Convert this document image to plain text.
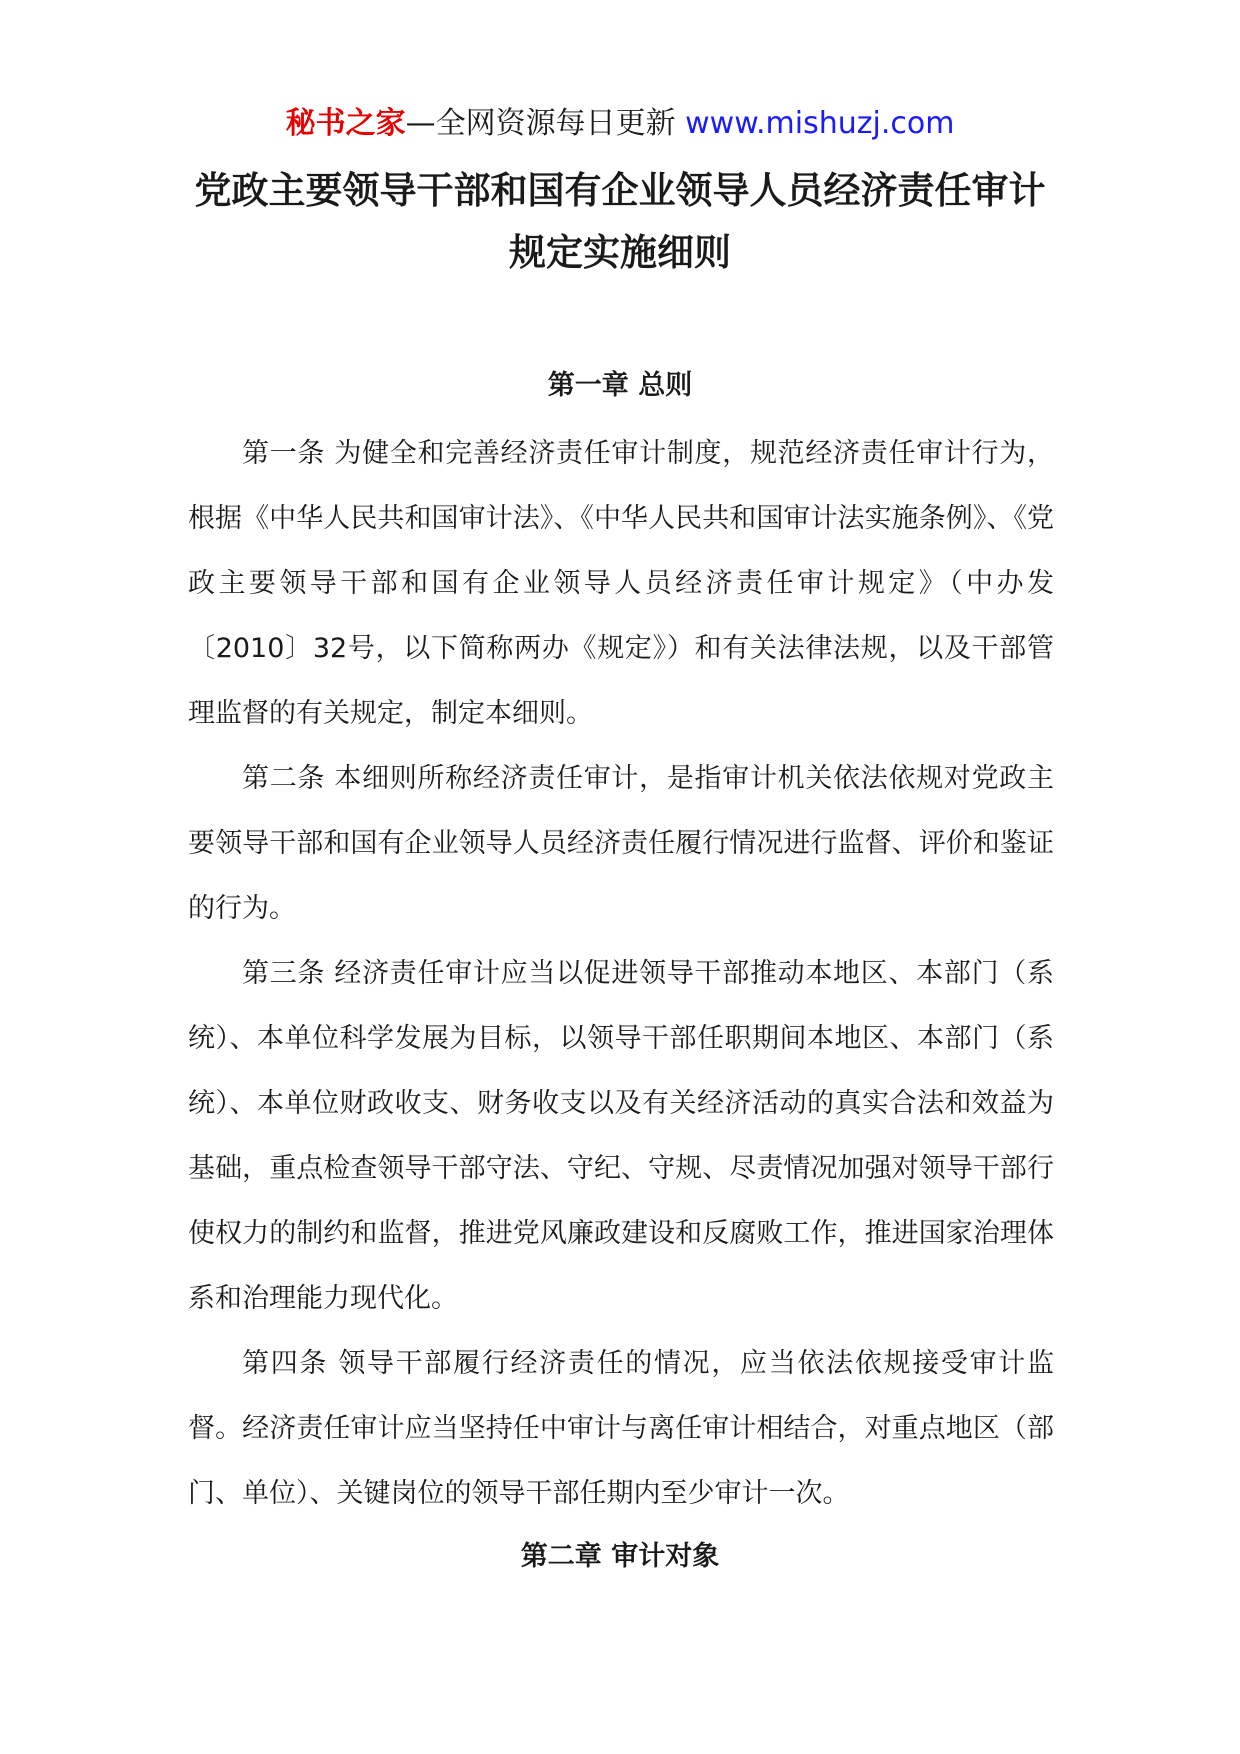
秘书之家—全网资源每日更新 www.mishuzj.com
党政主要领导干部和国有企业领导人员经济责任审计
规定实施细则
第一章 总则

第一条 为健全和完善经济责任审计制度，规范经济责任审计行为，根据《中华人民共和国审计法》、《中华人民共和国审计法实施条例》、《党政主要领导干部和国有企业领导人员经济责任审计规定》（中办发〔2010〕32号，以下简称两办《规定》）和有关法律法规，以及干部管理监督的有关规定，制定本细则。

第二条 本细则所称经济责任审计，是指审计机关依法依规对党政主要领导干部和国有企业领导人员经济责任履行情况进行监督、评价和鉴证的行为。

第三条 经济责任审计应当以促进领导干部推动本地区、本部门（系统）、本单位科学发展为目标，以领导干部任职期间本地区、本部门（系统）、本单位财政收支、财务收支以及有关经济活动的真实合法和效益为基础，重点检查领导干部守法、守纪、守规、尽责情况加强对领导干部行使权力的制约和监督，推进党风廉政建设和反腐败工作，推进国家治理体系和治理能力现代化。

第四条 领导干部履行经济责任的情况，应当依法依规接受审计监督。经济责任审计应当坚持任中审计与离任审计相结合，对重点地区（部门、单位）、关键岗位的领导干部任期内至少审计一次。

第二章 审计对象
